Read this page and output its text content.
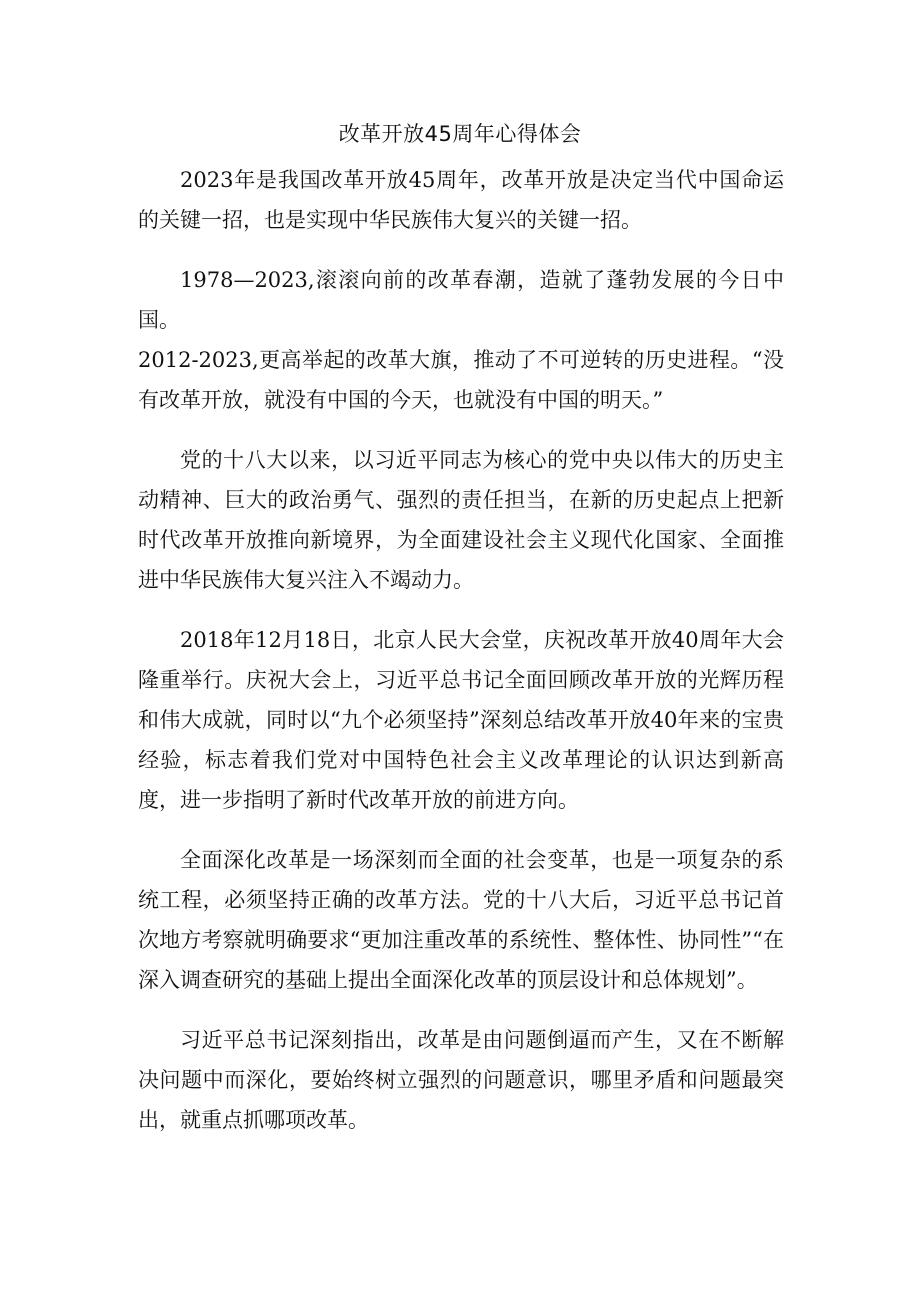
改革开放45周年心得体会

2023年是我国改革开放45周年，改革开放是决定当代中国命运的关键一招，也是实现中华民族伟大复兴的关键一招。

1978—2023,滚滚向前的改革春潮，造就了蓬勃发展的今日中国。

2012-2023,更高举起的改革大旗，推动了不可逆转的历史进程。“没有改革开放，就没有中国的今天，也就没有中国的明天。”

党的十八大以来，以习近平同志为核心的党中央以伟大的历史主动精神、巨大的政治勇气、强烈的责任担当，在新的历史起点上把新时代改革开放推向新境界，为全面建设社会主义现代化国家、全面推进中华民族伟大复兴注入不竭动力。

2018年12月18日，北京人民大会堂，庆祝改革开放40周年大会隆重举行。庆祝大会上，习近平总书记全面回顾改革开放的光辉历程和伟大成就，同时以“九个必须坚持”深刻总结改革开放40年来的宝贵经验，标志着我们党对中国特色社会主义改革理论的认识达到新高度，进一步指明了新时代改革开放的前进方向。

全面深化改革是一场深刻而全面的社会变革，也是一项复杂的系统工程，必须坚持正确的改革方法。党的十八大后，习近平总书记首次地方考察就明确要求“更加注重改革的系统性、整体性、协同性”“在深入调查研究的基础上提出全面深化改革的顶层设计和总体规划”。

习近平总书记深刻指出，改革是由问题倒逼而产生，又在不断解决问题中而深化，要始终树立强烈的问题意识，哪里矛盾和问题最突出，就重点抓哪项改革。
